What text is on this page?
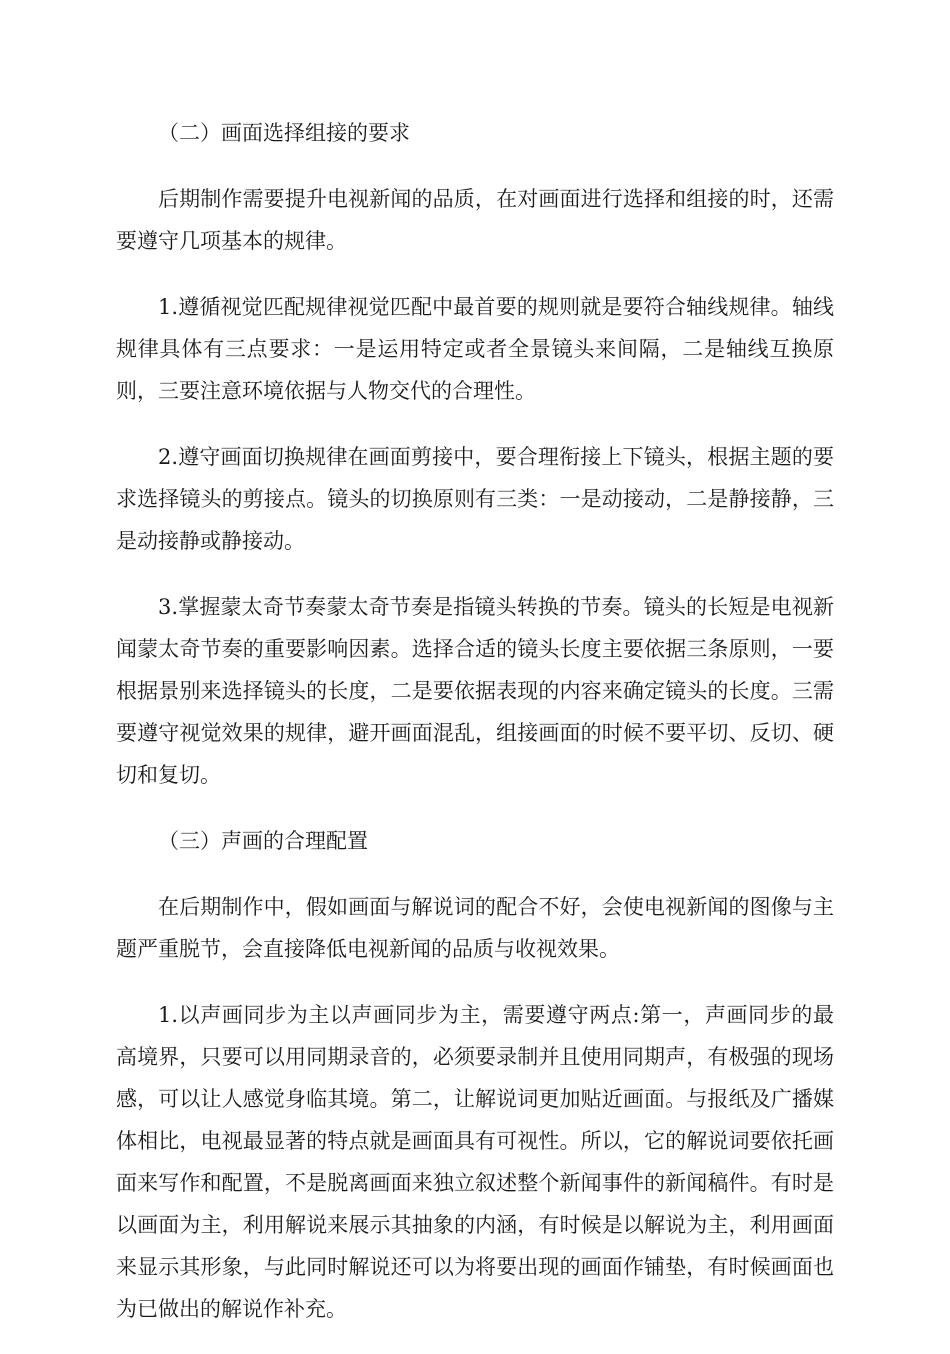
（二）画面选择组接的要求

后期制作需要提升电视新闻的品质，在对画面进行选择和组接的时，还需要遵守几项基本的规律。

1.遵循视觉匹配规律视觉匹配中最首要的规则就是要符合轴线规律。轴线规律具体有三点要求：一是运用特定或者全景镜头来间隔，二是轴线互换原则，三要注意环境依据与人物交代的合理性。

2.遵守画面切换规律在画面剪接中，要合理衔接上下镜头，根据主题的要求选择镜头的剪接点。镜头的切换原则有三类：一是动接动，二是静接静，三是动接静或静接动。

3.掌握蒙太奇节奏蒙太奇节奏是指镜头转换的节奏。镜头的长短是电视新闻蒙太奇节奏的重要影响因素。选择合适的镜头长度主要依据三条原则，一要根据景别来选择镜头的长度，二是要依据表现的内容来确定镜头的长度。三需要遵守视觉效果的规律，避开画面混乱，组接画面的时候不要平切、反切、硬切和复切。

（三）声画的合理配置

在后期制作中，假如画面与解说词的配合不好，会使电视新闻的图像与主题严重脱节，会直接降低电视新闻的品质与收视效果。

1.以声画同步为主以声画同步为主，需要遵守两点:第一，声画同步的最高境界，只要可以用同期录音的，必须要录制并且使用同期声，有极强的现场感，可以让人感觉身临其境。第二，让解说词更加贴近画面。与报纸及广播媒体相比，电视最显著的特点就是画面具有可视性。所以，它的解说词要依托画面来写作和配置，不是脱离画面来独立叙述整个新闻事件的新闻稿件。有时是以画面为主，利用解说来展示其抽象的内涵，有时候是以解说为主，利用画面来显示其形象，与此同时解说还可以为将要出现的画面作铺垫，有时候画面也为已做出的解说作补充。
